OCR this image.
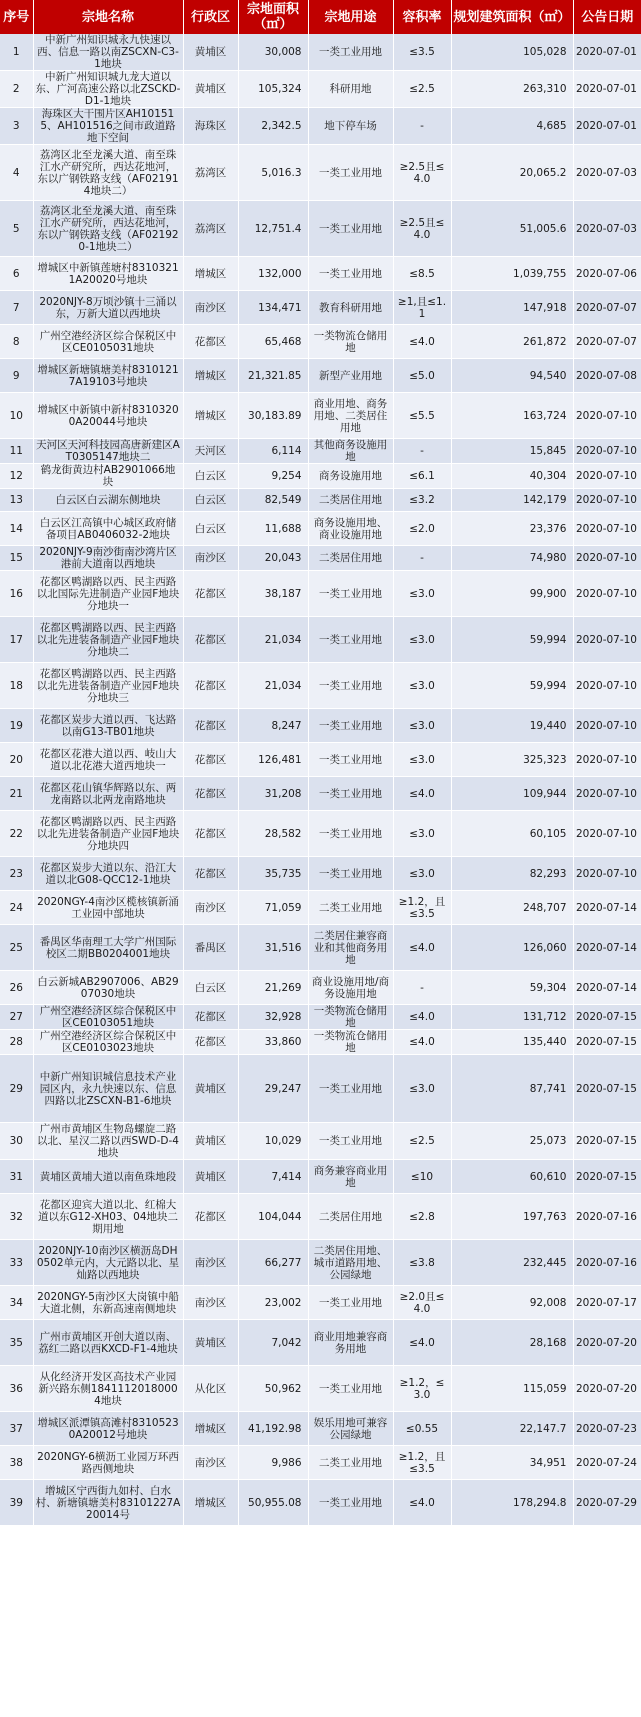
序号	宗地名称	行政区	宗地面积（㎡）	宗地用途	容积率	规划建筑面积（㎡）	公告日期
1	中新广州知识城永九快速以西、信息一路以南ZSCXN-C3-1地块	黄埔区	30,008	一类工业用地	≤3.5	105,028	2020-07-01
2	中新广州知识城九龙大道以东、广河高速公路以北ZSCKD-D1-1地块	黄埔区	105,324	科研用地	≤2.5	263,310	2020-07-01
3	海珠区大干围片区AH101515、AH101516之间市政道路地下空间	海珠区	2,342.5	地下停车场	-	4,685	2020-07-01
4	荔湾区北至龙溪大道、南至珠江水产研究所，西达花地河，东以广钢铁路支线（AF021914地块二）	荔湾区	5,016.3	一类工业用地	≥2.5且≤4.0	20,065.2	2020-07-03
5	荔湾区北至龙溪大道、南至珠江水产研究所，西达花地河，东以广钢铁路支线（AF021920-1地块二）	荔湾区	12,751.4	一类工业用地	≥2.5且≤4.0	51,005.6	2020-07-03
6	增城区中新镇莲塘村83103211A20020号地块	增城区	132,000	一类工业用地	≤8.5	1,039,755	2020-07-06
7	2020NJY-8万顷沙镇十三涌以东，万新大道以西地块	南沙区	134,471	教育科研用地	≥1,且≤1.1	147,918	2020-07-07
8	广州空港经济区综合保税区中区CE0105031地块	花都区	65,468	一类物流仓储用地	≤4.0	261,872	2020-07-07
9	增城区新塘镇塘美村83101217A19103号地块	增城区	21,321.85	新型产业用地	≤5.0	94,540	2020-07-08
10	增城区中新镇中新村83103200A20044号地块	增城区	30,183.89	商业用地、商务用地、二类居住用地	≤5.5	163,724	2020-07-10
11	天河区天河科技园高唐新建区AT0305147地块二	天河区	6,114	其他商务设施用地	-	15,845	2020-07-10
12	鹤龙街黄边村AB2901066地块	白云区	9,254	商务设施用地	≤6.1	40,304	2020-07-10
13	白云区白云湖东侧地块	白云区	82,549	二类居住用地	≤3.2	142,179	2020-07-10
14	白云区江高镇中心城区政府储备项目AB0406032-2地块	白云区	11,688	商务设施用地、商业设施用地	≤2.0	23,376	2020-07-10
15	2020NJY-9南沙街南沙湾片区港前大道南以西地块	南沙区	20,043	二类居住用地	-	74,980	2020-07-10
16	花都区鸭湖路以西、民主西路以北国际先进制造产业园F地块分地块一	花都区	38,187	一类工业用地	≤3.0	99,900	2020-07-10
17	花都区鸭湖路以西、民主西路以北先进装备制造产业园F地块分地块二	花都区	21,034	一类工业用地	≤3.0	59,994	2020-07-10
18	花都区鸭湖路以西、民主西路以北先进装备制造产业园F地块分地块三	花都区	21,034	一类工业用地	≤3.0	59,994	2020-07-10
19	花都区炭步大道以西、飞达路以南G13-TB01地块	花都区	8,247	一类工业用地	≤3.0	19,440	2020-07-10
20	花都区花港大道以西、岐山大道以北花港大道西地块一	花都区	126,481	一类工业用地	≤3.0	325,323	2020-07-10
21	花都区花山镇华辉路以东、两龙南路以北两龙南路地块	花都区	31,208	一类工业用地	≤4.0	109,944	2020-07-10
22	花都区鸭湖路以西、民主西路以北先进装备制造产业园F地块分地块四	花都区	28,582	一类工业用地	≤3.0	60,105	2020-07-10
23	花都区炭步大道以东、沿江大道以北G08-QCC12-1地块	花都区	35,735	一类工业用地	≤3.0	82,293	2020-07-10
24	2020NGY-4南沙区榄核镇新涌工业园中部地块	南沙区	71,059	二类工业用地	≥1.2，且≤3.5	248,707	2020-07-14
25	番禺区华南理工大学广州国际校区二期BB0204001地块	番禺区	31,516	二类居住兼容商业和其他商务用地	≤4.0	126,060	2020-07-14
26	白云新城AB2907006、AB2907030地块	白云区	21,269	商业设施用地/商务设施用地	-	59,304	2020-07-14
27	广州空港经济区综合保税区中区CE0103051地块	花都区	32,928	一类物流仓储用地	≤4.0	131,712	2020-07-15
28	广州空港经济区综合保税区中区CE0103023地块	花都区	33,860	一类物流仓储用地	≤4.0	135,440	2020-07-15
29	中新广州知识城信息技术产业园区内，永九快速以东、信息四路以北ZSCXN-B1-6地块	黄埔区	29,247	一类工业用地	≤3.0	87,741	2020-07-15
30	广州市黄埔区生物岛螺旋二路以北、星汉二路以西SWD-D-4地块	黄埔区	10,029	一类工业用地	≤2.5	25,073	2020-07-15
31	黄埔区黄埔大道以南鱼珠地段	黄埔区	7,414	商务兼容商业用地	≤10	60,610	2020-07-15
32	花都区迎宾大道以北、红棉大道以东G12-XH03、04地块二期用地	花都区	104,044	二类居住用地	≤2.8	197,763	2020-07-16
33	2020NJY-10南沙区横沥岛DH0502单元内，大元路以北、星灿路以西地块	南沙区	66,277	二类居住用地、城市道路用地、公园绿地	≤3.8	232,445	2020-07-16
34	2020NGY-5南沙区大岗镇中船大道北侧，东新高速南侧地块	南沙区	23,002	一类工业用地	≥2.0且≤4.0	92,008	2020-07-17
35	广州市黄埔区开创大道以南、荔红二路以西KXCD-F1-4地块	黄埔区	7,042	商业用地兼容商务用地	≤4.0	28,168	2020-07-20
36	从化经济开发区高技术产业园新兴路东侧18411120180004地块	从化区	50,962	一类工业用地	≥1.2，≤3.0	115,059	2020-07-20
37	增城区派潭镇高滩村83105230A20012号地块	增城区	41,192.98	娱乐用地可兼容公园绿地	≤0.55	22,147.7	2020-07-23
38	2020NGY-6横沥工业园万环西路西侧地块	南沙区	9,986	二类工业用地	≥1.2，且≤3.5	34,951	2020-07-24
39	增城区宁西街九如村、白水村、新塘镇塘美村83101227A20014号	增城区	50,955.08	一类工业用地	≤4.0	178,294.8	2020-07-29
